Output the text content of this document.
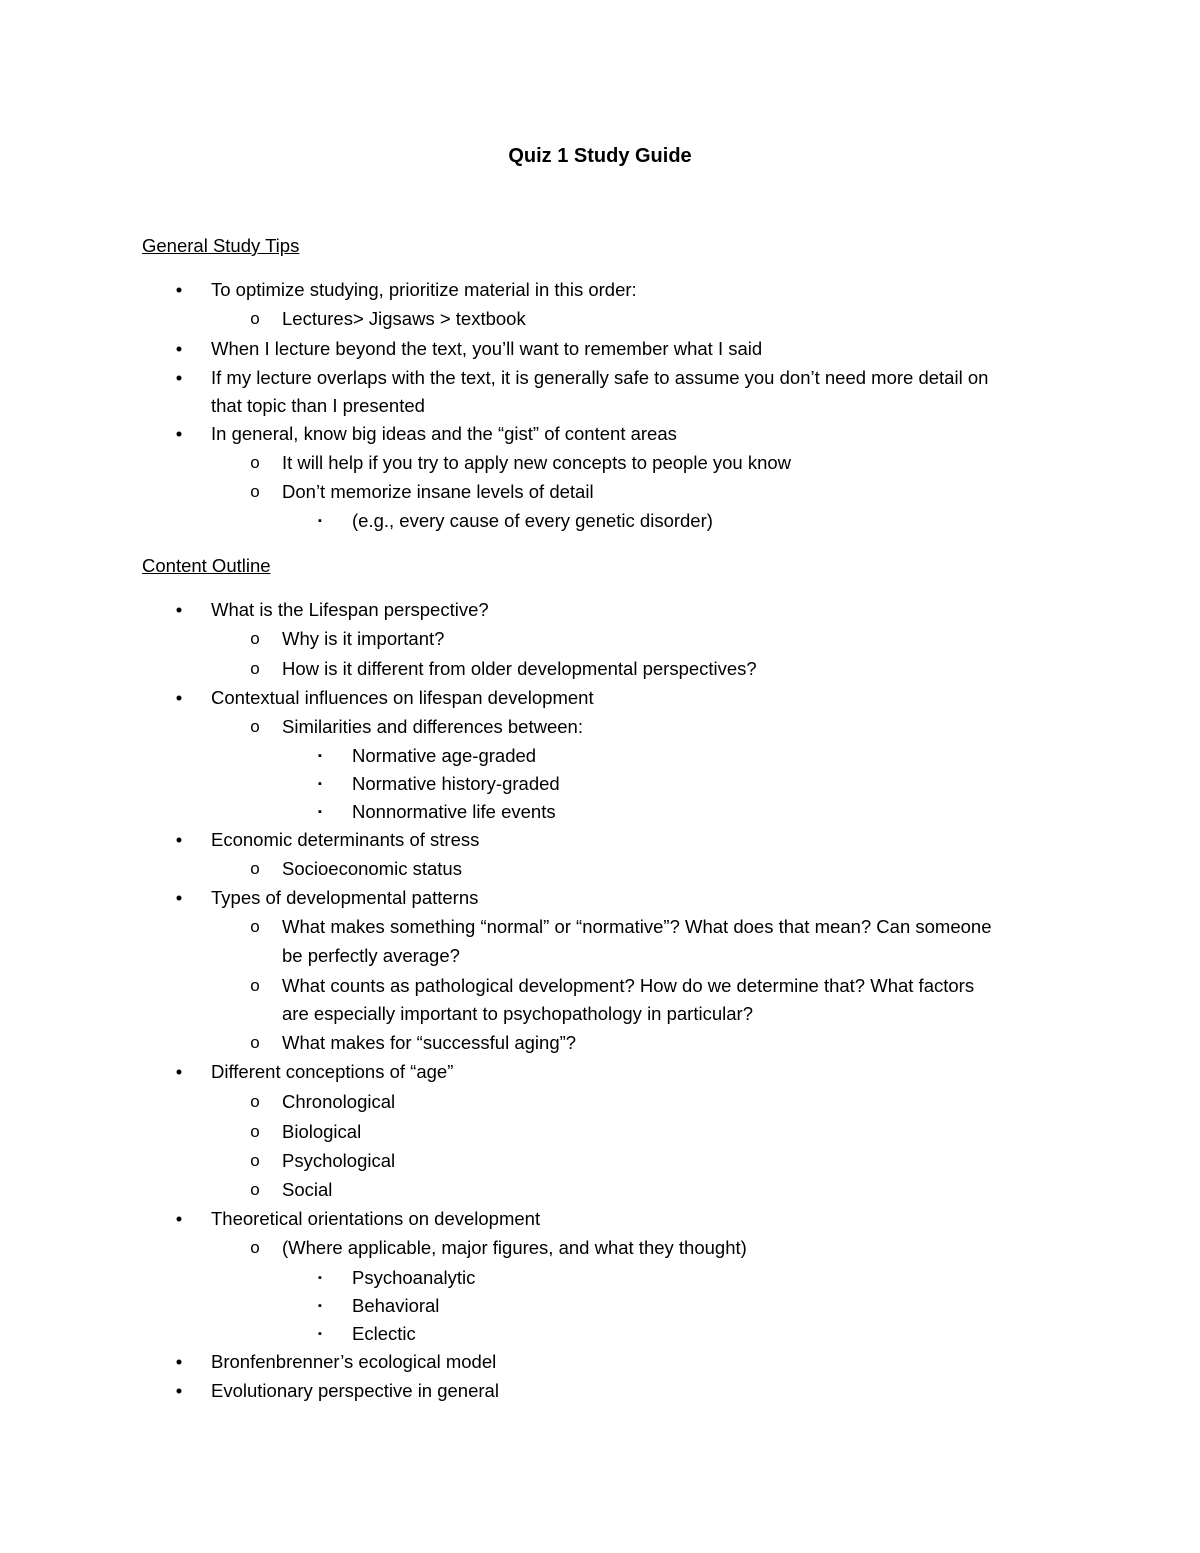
Quiz 1 Study Guide
General Study Tips
• To optimize studying, prioritize material in this order:
o Lectures> Jigsaws > textbook
• When I lecture beyond the text, you’ll want to remember what I said
• If my lecture overlaps with the text, it is generally safe to assume you don’t need more detail on
that topic than I presented
• In general, know big ideas and the “gist” of content areas
o It will help if you try to apply new concepts to people you know
o Don’t memorize insane levels of detail
▪ (e.g., every cause of every genetic disorder)
Content Outline
• What is the Lifespan perspective?
o Why is it important?
o How is it different from older developmental perspectives?
• Contextual influences on lifespan development
o Similarities and differences between:
▪ Normative age-graded
▪ Normative history-graded
▪ Nonnormative life events
• Economic determinants of stress
o Socioeconomic status
• Types of developmental patterns
o What makes something “normal” or “normative”? What does that mean? Can someone
be perfectly average?
o What counts as pathological development? How do we determine that? What factors
are especially important to psychopathology in particular?
o What makes for “successful aging”?
• Different conceptions of “age”
o Chronological
o Biological
o Psychological
o Social
• Theoretical orientations on development
o (Where applicable, major figures, and what they thought)
▪ Psychoanalytic
▪ Behavioral
▪ Eclectic
• Bronfenbrenner’s ecological model
• Evolutionary perspective in general
